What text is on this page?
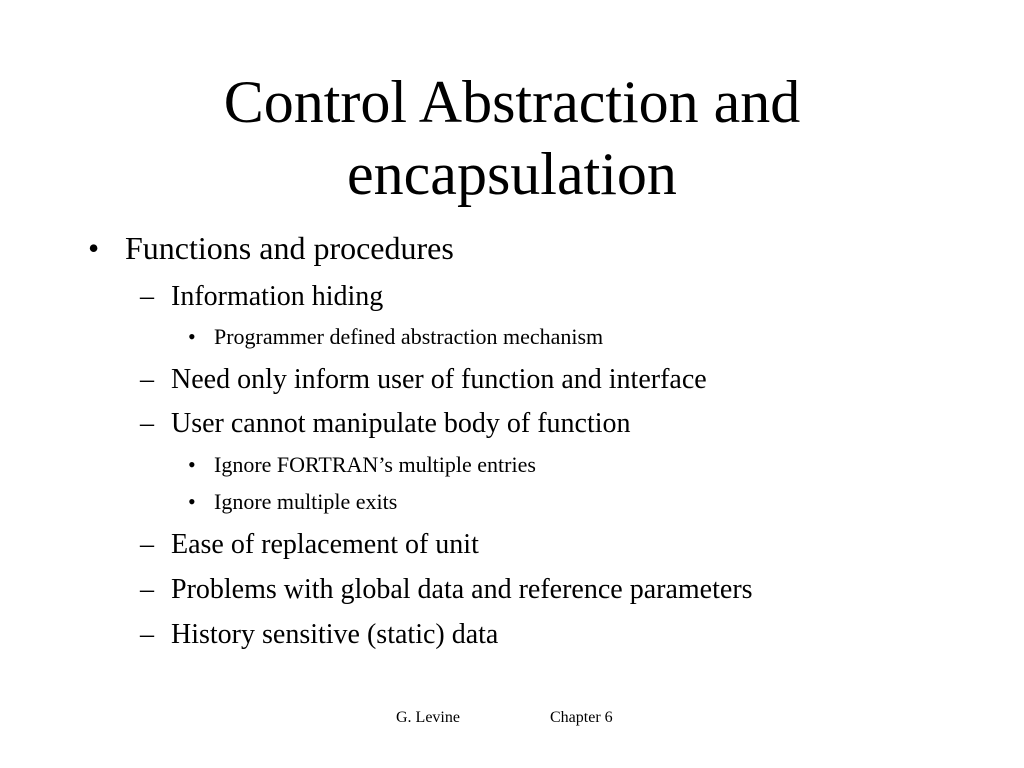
Control Abstraction and
encapsulation
• Functions and procedures
– Information hiding
• Programmer defined abstraction mechanism
– Need only inform user of function and interface
– User cannot manipulate body of function
• Ignore FORTRAN’s multiple entries
• Ignore multiple exits
– Ease of replacement of unit
– Problems with global data and reference parameters
– History sensitive (static) data
G. Levine	Chapter 6
